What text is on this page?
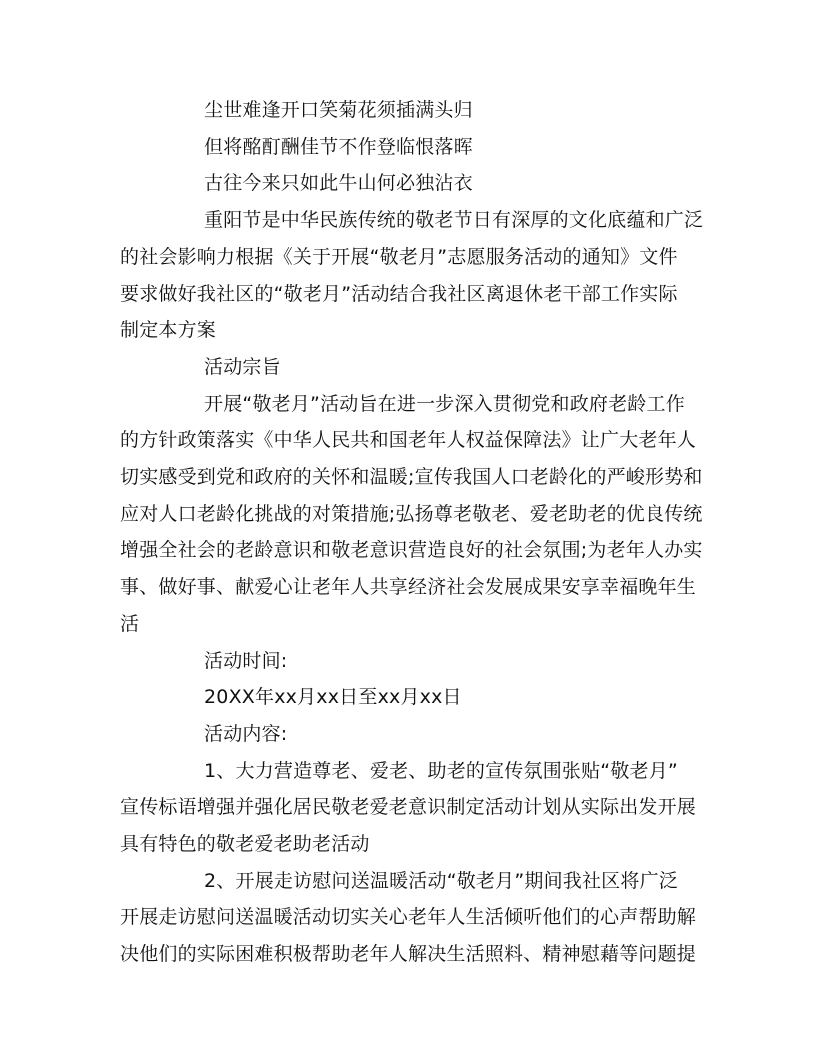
尘世难逢开口笑菊花须插满头归
但将酩酊酬佳节不作登临恨落晖
古往今来只如此牛山何必独沾衣
重阳节是中华民族传统的敬老节日有深厚的文化底蕴和广泛
的社会影响力根据《关于开展“敬老月”志愿服务活动的通知》文件
要求做好我社区的“敬老月”活动结合我社区离退休老干部工作实际
制定本方案
活动宗旨
开展“敬老月”活动旨在进一步深入贯彻党和政府老龄工作
的方针政策落实《中华人民共和国老年人权益保障法》让广大老年人
切实感受到党和政府的关怀和温暖;宣传我国人口老龄化的严峻形势和
应对人口老龄化挑战的对策措施;弘扬尊老敬老、爱老助老的优良传统
增强全社会的老龄意识和敬老意识营造良好的社会氛围;为老年人办实
事、做好事、献爱心让老年人共享经济社会发展成果安享幸福晚年生
活
活动时间:
20XX年xx月xx日至xx月xx日
活动内容:
1、大力营造尊老、爱老、助老的宣传氛围张贴“敬老月”
宣传标语增强并强化居民敬老爱老意识制定活动计划从实际出发开展
具有特色的敬老爱老助老活动
2、开展走访慰问送温暖活动“敬老月”期间我社区将广泛
开展走访慰问送温暖活动切实关心老年人生活倾听他们的心声帮助解
决他们的实际困难积极帮助老年人解决生活照料、精神慰藉等问题提
